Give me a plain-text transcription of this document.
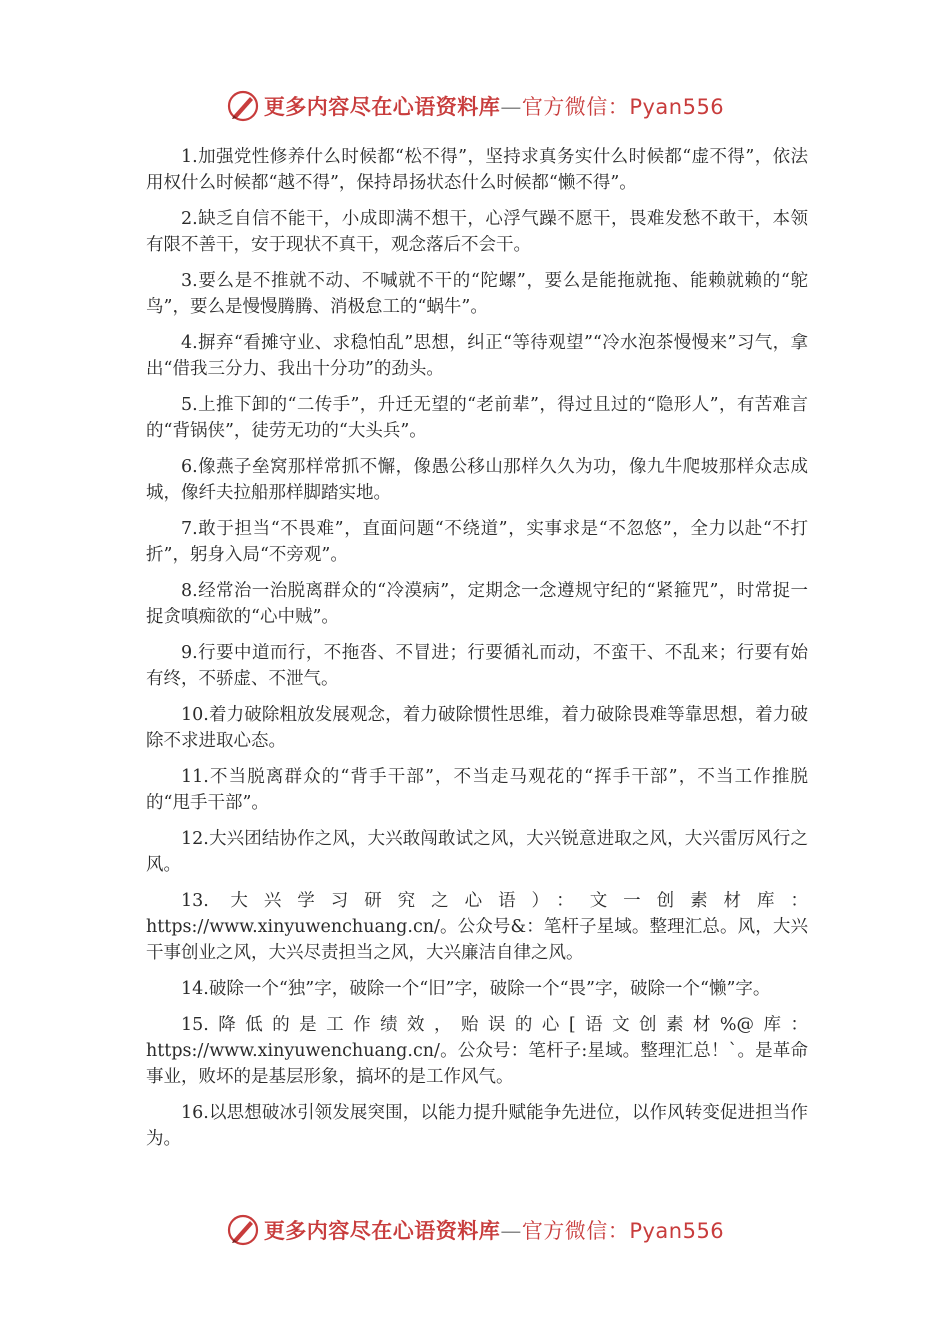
更多内容尽在心语资料库—官方微信：Pyan556

1.加强党性修养什么时候都“松不得”，坚持求真务实什么时候都“虚不得”，依法用权什么时候都“越不得”，保持昂扬状态什么时候都“懒不得”。

2.缺乏自信不能干，小成即满不想干，心浮气躁不愿干，畏难发愁不敢干，本领有限不善干，安于现状不真干，观念落后不会干。

3.要么是不推就不动、不喊就不干的“陀螺”，要么是能拖就拖、能赖就赖的“鸵鸟”，要么是慢慢腾腾、消极怠工的“蜗牛”。

4.摒弃“看摊守业、求稳怕乱”思想，纠正“等待观望”“冷水泡茶慢慢来”习气，拿出“借我三分力、我出十分功”的劲头。

5.上推下卸的“二传手”，升迁无望的“老前辈”，得过且过的“隐形人”，有苦难言的“背锅侠”，徒劳无功的“大头兵”。

6.像燕子垒窝那样常抓不懈，像愚公移山那样久久为功，像九牛爬坡那样众志成城，像纤夫拉船那样脚踏实地。

7.敢于担当“不畏难”，直面问题“不绕道”，实事求是“不忽悠”，全力以赴“不打折”，躬身入局“不旁观”。

8.经常治一治脱离群众的“冷漠病”，定期念一念遵规守纪的“紧箍咒”，时常捉一捉贪嗔痴欲的“心中贼”。

9.行要中道而行，不拖沓、不冒进；行要循礼而动，不蛮干、不乱来；行要有始有终，不骄虚、不泄气。

10.着力破除粗放发展观念，着力破除惯性思维，着力破除畏难等靠思想，着力破除不求进取心态。

11.不当脱离群众的“背手干部”，不当走马观花的“挥手干部”，不当工作推脱的“甩手干部”。

12.大兴团结协作之风，大兴敢闯敢试之风，大兴锐意进取之风，大兴雷厉风行之风。

13. 大兴学习研究之心语）：文一创素材库：https://www.xinyuwenchuang.cn/。公众号&：笔杆子星域。整理汇总。风，大兴干事创业之风，大兴尽责担当之风，大兴廉洁自律之风。

14.破除一个“独”字，破除一个“旧”字，破除一个“畏”字，破除一个“懒”字。

15.降低的是工作绩效，贻误的心[语文创素材%@库：https://www.xinyuwenchuang.cn/。公众号：笔杆子:星域。整理汇总！`。是革命事业，败坏的是基层形象，搞坏的是工作风气。

16.以思想破冰引领发展突围，以能力提升赋能争先进位，以作风转变促进担当作为。

更多内容尽在心语资料库—官方微信：Pyan556
